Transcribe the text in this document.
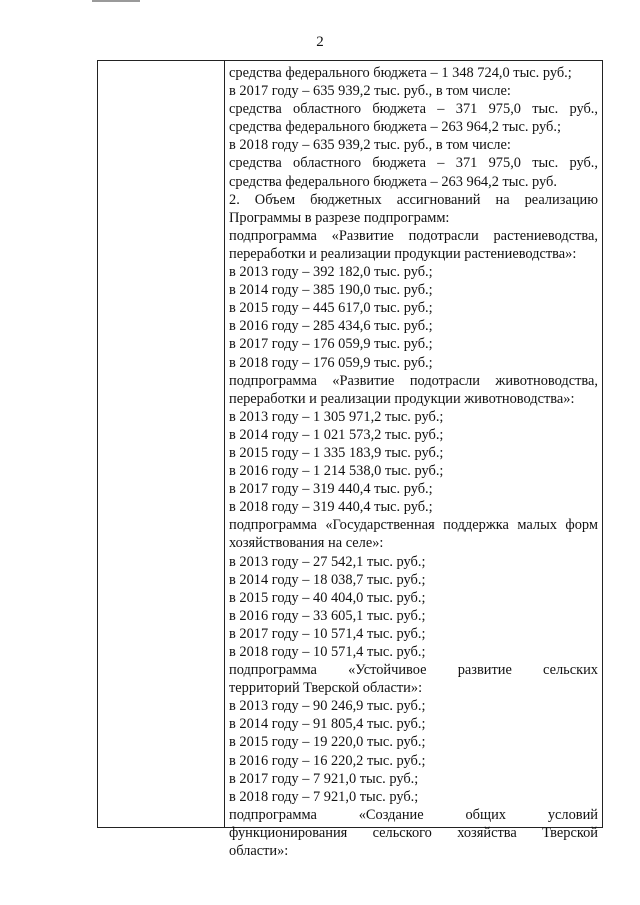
2
средства федерального бюджета – 1 348 724,0 тыс. руб.;
в 2017 году – 635 939,2 тыс. руб., в том числе:
средства областного бюджета – 371 975,0 тыс. руб.,
средства федерального бюджета – 263 964,2 тыс. руб.;
в 2018 году – 635 939,2 тыс. руб., в том числе:
средства областного бюджета – 371 975,0 тыс. руб.,
средства федерального бюджета – 263 964,2 тыс. руб.
2. Объем бюджетных ассигнований на реализацию
Программы в разрезе подпрограмм:
подпрограмма «Развитие подотрасли растениеводства,
переработки и реализации продукции растениеводства»:
в 2013 году – 392 182,0 тыс. руб.;
в 2014 году – 385 190,0 тыс. руб.;
в 2015 году – 445 617,0 тыс. руб.;
в 2016 году – 285 434,6 тыс. руб.;
в 2017 году – 176 059,9 тыс. руб.;
в 2018 году – 176 059,9 тыс. руб.;
подпрограмма «Развитие подотрасли животноводства,
переработки и реализации продукции животноводства»:
в 2013 году – 1 305 971,2 тыс. руб.;
в 2014 году – 1 021 573,2 тыс. руб.;
в 2015 году – 1 335 183,9 тыс. руб.;
в 2016 году – 1 214 538,0 тыс. руб.;
в 2017 году – 319 440,4 тыс. руб.;
в 2018 году – 319 440,4 тыс. руб.;
подпрограмма «Государственная поддержка малых форм
хозяйствования на селе»:
в 2013 году – 27 542,1 тыс. руб.;
в 2014 году – 18 038,7 тыс. руб.;
в 2015 году – 40 404,0 тыс. руб.;
в 2016 году – 33 605,1 тыс. руб.;
в 2017 году – 10 571,4 тыс. руб.;
в 2018 году – 10 571,4 тыс. руб.;
подпрограмма «Устойчивое развитие сельских
территорий Тверской области»:
в 2013 году – 90 246,9 тыс. руб.;
в 2014 году – 91 805,4 тыс. руб.;
в 2015 году – 19 220,0 тыс. руб.;
в 2016 году – 16 220,2 тыс. руб.;
в 2017 году – 7 921,0 тыс. руб.;
в 2018 году – 7 921,0 тыс. руб.;
подпрограмма «Создание общих условий
функционирования сельского хозяйства Тверской
области»:
